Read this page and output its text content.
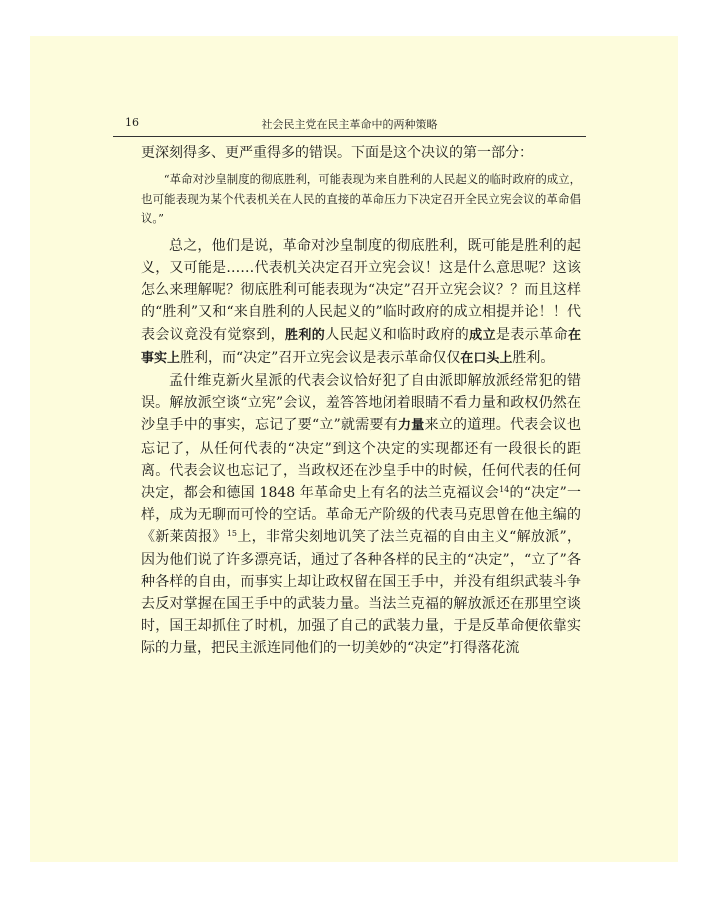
16	社会民主党在民主革命中的两种策略

更深刻得多、更严重得多的错误。下面是这个决议的第一部分：

“革命对沙皇制度的彻底胜利，可能表现为来自胜利的人民起义的临时政府的成立，也可能表现为某个代表机关在人民的直接的革命压力下决定召开全民立宪会议的革命倡议。”

总之，他们是说，革命对沙皇制度的彻底胜利，既可能是胜利的起义，又可能是……代表机关决定召开立宪会议！这是什么意思呢？这该怎么来理解呢？彻底胜利可能表现为“决定”召开立宪会议？？而且这样的“胜利”又和“来自胜利的人民起义的”临时政府的成立相提并论！！代表会议竟没有觉察到，胜利的人民起义和临时政府的成立是表示革命在事实上胜利，而“决定”召开立宪会议是表示革命仅仅在口头上胜利。

孟什维克新火星派的代表会议恰好犯了自由派即解放派经常犯的错误。解放派空谈“立宪”会议，羞答答地闭着眼睛不看力量和政权仍然在沙皇手中的事实，忘记了要“立”就需要有力量来立的道理。代表会议也忘记了，从任何代表的“决定”到这个决定的实现都还有一段很长的距离。代表会议也忘记了，当政权还在沙皇手中的时候，任何代表的任何决定，都会和德国 1848 年革命史上有名的法兰克福议会$^{14}$的“决定”一样，成为无聊而可怜的空话。革命无产阶级的代表马克思曾在他主编的《新莱茵报》$^{15}$上，非常尖刻地讥笑了法兰克福的自由主义“解放派”，因为他们说了许多漂亮话，通过了各种各样的民主的“决定”，“立了”各种各样的自由，而事实上却让政权留在国王手中，并没有组织武装斗争去反对掌握在国王手中的武装力量。当法兰克福的解放派还在那里空谈时，国王却抓住了时机，加强了自己的武装力量，于是反革命便依靠实际的力量，把民主派连同他们的一切美妙的“决定”打得落花流
